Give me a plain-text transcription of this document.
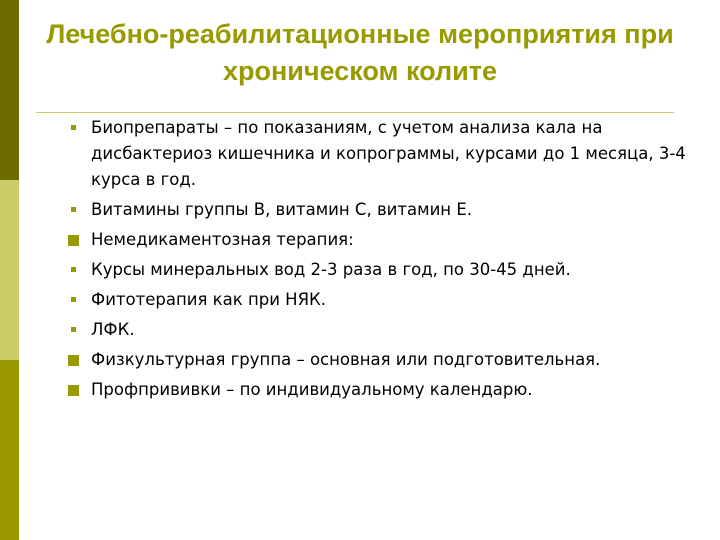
Лечебно-реабилитационные мероприятия при хроническом колите
Биопрепараты – по показаниям, с учетом анализа кала на дисбактериоз кишечника и копрограммы, курсами до 1 месяца, 3-4 курса в год.
Витамины группы В, витамин С, витамин Е.
Немедикаментозная терапия:
Курсы минеральных вод 2-3 раза в год, по 30-45 дней.
Фитотерапия как при НЯК.
ЛФК.
Физкультурная группа – основная или подготовительная.
Профпрививки – по индивидуальному календарю.
